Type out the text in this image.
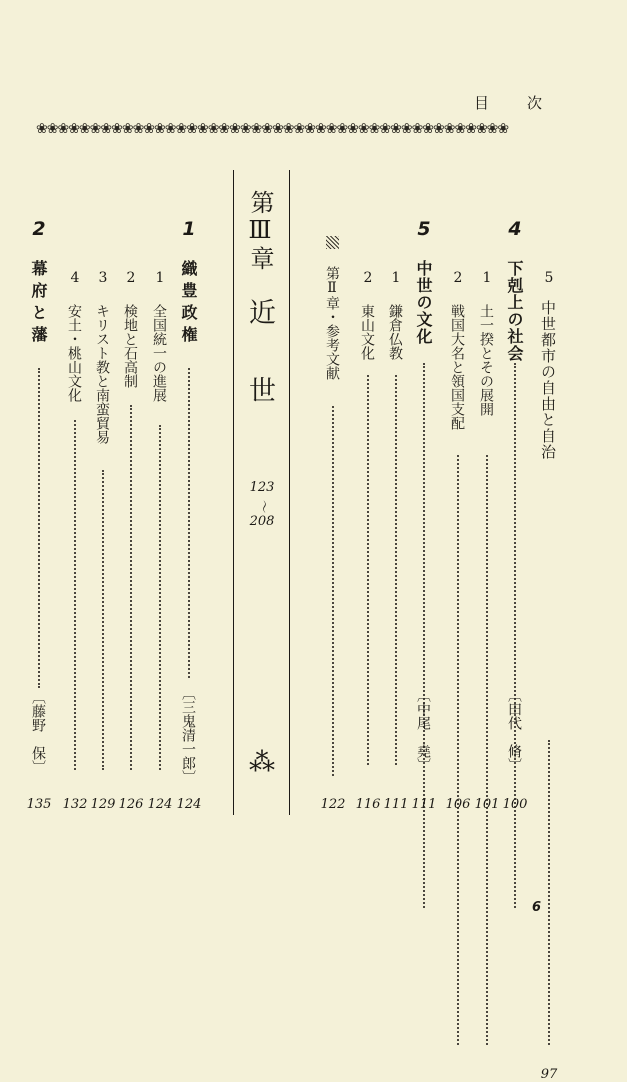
目次
❀❀❀❀❀❀❀❀❀❀❀❀❀❀❀❀❀❀❀❀❀❀❀❀❀❀❀❀❀❀❀❀❀❀❀❀❀❀❀❀❀❀❀❀
5
中世都市の自由と自治
97
4
下剋上の社会
〔田代　脩〕
100
1
土一揆とその展開
101
2
戦国大名と領国支配
106
5
中世の文化
〔中尾　堯〕
111
1
鎌倉仏教
111
2
東山文化
116
第Ⅱ章・参考文献
122
第Ⅲ章
近　世
123
〜
208
⁂
1
織豊政権
〔三鬼清一郎〕
124
1
全国統一の進展
124
2
検地と石高制
126
3
キリスト教と南蛮貿易
129
4
安土・桃山文化
132
2
幕府と藩
〔藤野　保〕
135
6
